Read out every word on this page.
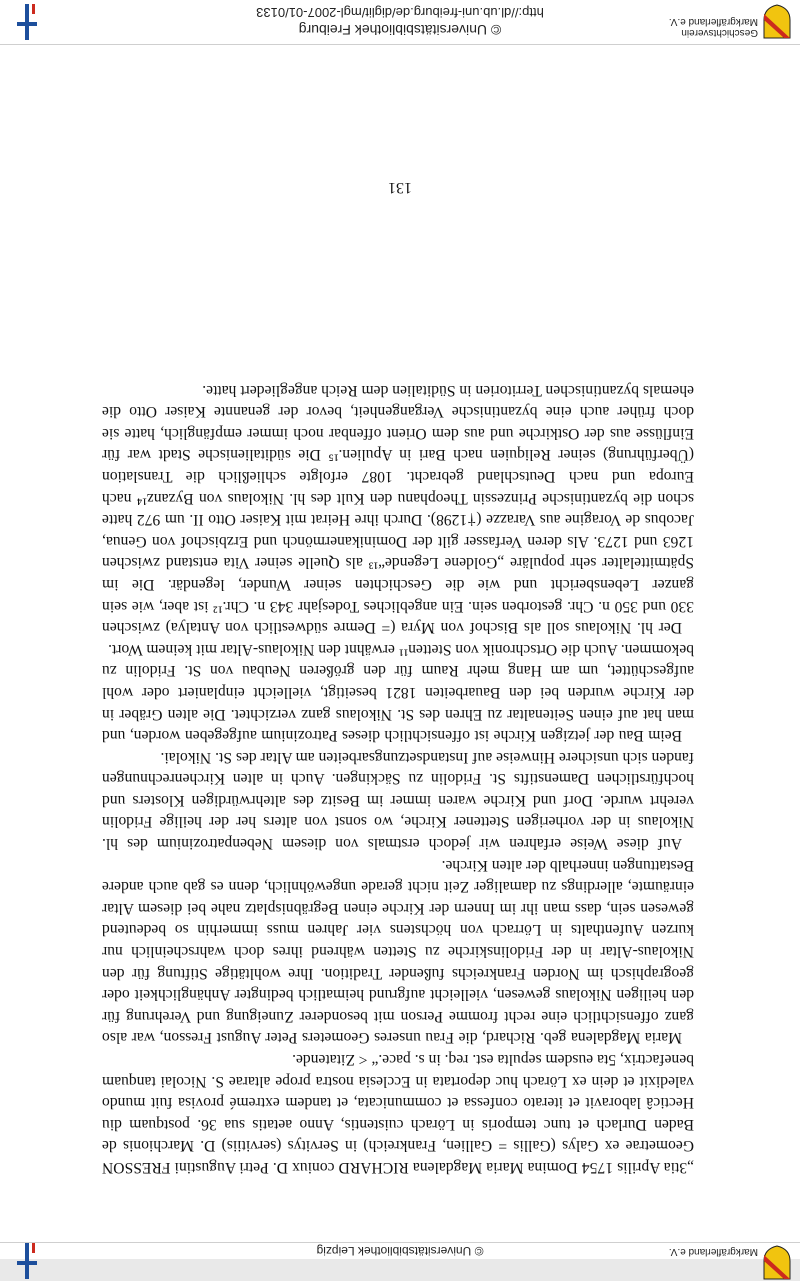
Markgräflerland e.V.
© Universitätsbibliothek Leipzig

„3tia Aprilis 1754 Domina Maria Magdalena RICHARD coniux D. Petri Augustini FRESSON Geometrae ex Galys (Gallis = Gallien, Frankreich) in Servitys (servitiis) D. Marchionis de Baden Durlach et tunc temporis in Lörach cuistentis, Anno aetatis sua 36. postquam diu Hecticâ laboravit et iterato confessa et communicata, et tandem extremé provisa fuit mundo valedixit et dein ex Lörach huc deportata in Ecclesia nostra prope altarae S. Nicolai tanquam benefactrix, 5ta eusdem sepulta est. req. in s. pace.“ < Zitatende.

Maria Magdalena geb. Richard, die Frau unseres Geometers Peter August Fresson, war also ganz offensichtlich eine recht fromme Person mit besonderer Zuneigung und Verehrung für den heiligen Nikolaus gewesen, vielleicht aufgrund heimatlich bedingter Anhänglichkeit oder geographisch im Norden Frankreichs fußender Tradition. Ihre wohltätige Stiftung für den Nikolaus-Altar in der Fridolinskirche zu Stetten während ihres doch wahrscheinlich nur kurzen Aufenthalts in Lörrach von höchstens vier Jahren muss immerhin so bedeutend gewesen sein, dass man ihr im Innern der Kirche einen Begräbnisplatz nahe bei diesem Altar einräumte, allerdings zu damaliger Zeit nicht gerade ungewöhnlich, denn es gab auch andere Bestattungen innerhalb der alten Kirche.

Auf diese Weise erfahren wir jedoch erstmals von diesem Nebenpatrozinium des hl. Nikolaus in der vorherigen Stettener Kirche, wo sonst von alters her der heilige Fridolin verehrt wurde. Dorf und Kirche waren immer im Besitz des altehrwürdigen Klosters und hochfürstlichen Damenstifts St. Fridolin zu Säckingen. Auch in alten Kirchenrechnungen fanden sich unsichere Hinweise auf Instandsetzungsarbeiten am Altar des St. Nikolai.

Beim Bau der jetzigen Kirche ist offensichtlich dieses Patrozinium aufgegeben worden, und man hat auf einen Seitenaltar zu Ehren des St. Nikolaus ganz verzichtet. Die alten Gräber in der Kirche wurden bei den Bauarbeiten 1821 beseitigt, vielleicht einplaniert oder wohl aufgeschüttet, um am Hang mehr Raum für den größeren Neubau von St. Fridolin zu bekommen. Auch die Ortschronik von Stetten¹¹ erwähnt den Nikolaus-Altar mit keinem Wort.

Der hl. Nikolaus soll als Bischof von Myra (= Demre südwestlich von Antalya) zwischen 330 und 350 n. Chr. gestorben sein. Ein angebliches Todesjahr 343 n. Chr.¹² ist aber, wie sein ganzer Lebensbericht und wie die Geschichten seiner Wunder, legendär. Die im Spätmittelalter sehr populäre „Goldene Legende“¹³ als Quelle seiner Vita entstand zwischen 1263 und 1273. Als deren Verfasser gilt der Dominikanermönch und Erzbischof von Genua, Jacobus de Voragine aus Varazze (†1298). Durch ihre Heirat mit Kaiser Otto II. um 972 hatte schon die byzantinische Prinzessin Theophanu den Kult des hl. Nikolaus von Byzanz¹⁴ nach Europa und nach Deutschland gebracht. 1087 erfolgte schließlich die Translation (Überführung) seiner Reliquien nach Bari in Apulien.¹⁵ Die süditalienische Stadt war für Einflüsse aus der Ostkirche und aus dem Orient offenbar noch immer empfänglich, hatte sie doch früher auch eine byzantinische Vergangenheit, bevor der genannte Kaiser Otto die ehemals byzantinischen Territorien in Süditalien dem Reich angegliedert hatte.

131
Geschichtsverein
Markgräflerland e.V.
© Universitätsbibliothek Freiburg
http://dl.ub.uni-freiburg.de/diglit/mgl-2007-01/0133
